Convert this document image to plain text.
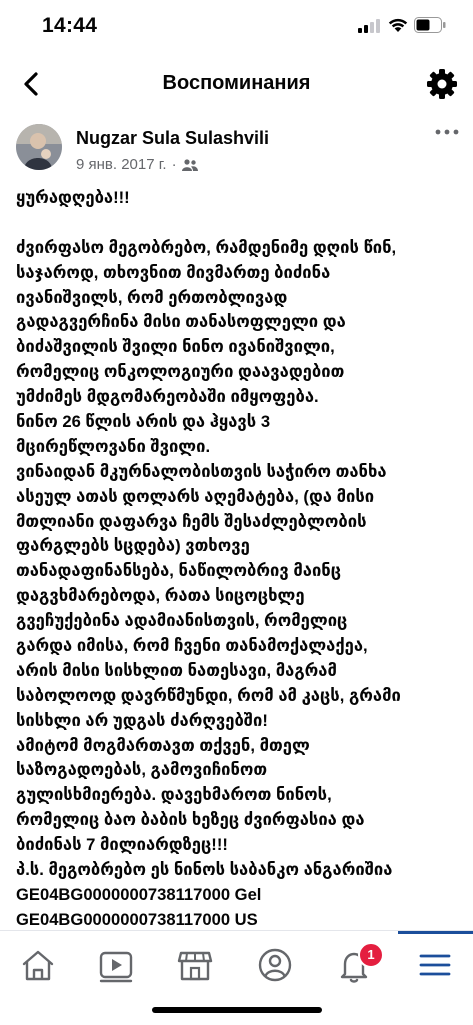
14:44
Воспоминания
Nugzar Sula Sulashvili
9 янв. 2017 г. ·
ყურადღება!!!
ძვირფასო მეგობრებო, რამდენიმე დღის წინ,
საჯაროდ, თხოვნით მივმართე ბიძინა
ივანიშვილს, რომ ერთობლივად
გადაგვერჩინა მისი თანასოფლელი და
ბიძაშვილის შვილი ნინო ივანიშვილი,
რომელიც ონკოლოგიური დაავადებით
უმძიმეს მდგომარეობაში იმყოფება.
ნინო 26 წლის არის და ჰყავს 3
მცირეწლოვანი შვილი.
ვინაიდან მკურნალობისთვის საჭირო თანხა
ასეულ ათას დოლარს აღემატება, (და მისი
მთლიანი დაფარვა ჩემს შესაძლებლობის
ფარგლებს სცდება) ვთხოვე
თანადაფინანსება, ნაწილობრივ მაინც
დაგვხმარებოდა, რათა სიცოცხლე
გვეჩუქებინა ადამიანისთვის, რომელიც
გარდა იმისა, რომ ჩვენი თანამოქალაქეა,
არის მისი სისხლით ნათესავი, მაგრამ
საბოლოოდ დავრწმუნდი, რომ ამ კაცს, გრამი
სისხლი არ უდგას ძარღვებში!
ამიტომ მოგმართავთ თქვენ, მთელ
საზოგადოებას, გამოვიჩინოთ
გულისხმიერება. დავეხმაროთ ნინოს,
რომელიც ბაო ბაბის ხეზეც ძვირფასია და
ბიძინას 7 მილიარდზეც!!!
პ.ს. მეგობრებო ეს ნინოს საბანკო ანგარიშია
GE04BG0000000738117000 Gel
GE04BG0000000738117000 US
1
